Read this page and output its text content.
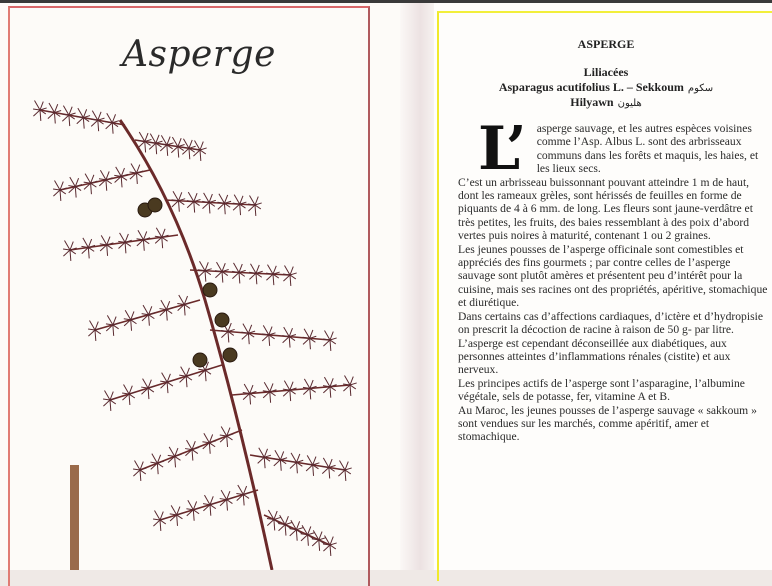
Asperge	ASPERGE
Liliacées
Asparagus acutifolius L. – Sekkoum سكوم
Hilyawn هليون
L’ asperge sauvage, et les autres espèces voisines comme l’Asp. Albus L. sont des arbrisseaux communs dans les forêts et maquis, les haies, et les lieux secs.

C’est un arbrisseau buissonnant pouvant atteindre 1 m de haut, dont les rameaux grèles, sont hérissés de feuilles en forme de piquants de 4 à 6 mm. de long. Les fleurs sont jaune-verdâtre et très petites, les fruits, des baies ressemblant à des poix d’abord vertes puis noires à maturité, contenant 1 ou 2 graines.

Les jeunes pousses de l’asperge officinale sont comestibles et appréciés des fins gourmets ; par contre celles de l’asperge sauvage sont plutôt amères et présentent peu d’intérêt pour la cuisine, mais ses racines ont des propriétés, apéritive, stomachique et diurétique.

Dans certains cas d’affections cardiaques, d’ictère et d’hydropisie on prescrit la décoction de racine à raison de 50 g- par litre.

L’asperge est cependant déconseillée aux diabétiques, aux personnes atteintes d’inflammations rénales (cistite) et aux nerveux.

Les principes actifs de l’asperge sont l’asparagine, l’albumine végétale, sels de potasse, fer, vitamine A et B.

Au Maroc, les jeunes pousses de l’asperge sauvage « sakkoum » sont vendues sur les marchés, comme apéritif, amer et stomachique.
